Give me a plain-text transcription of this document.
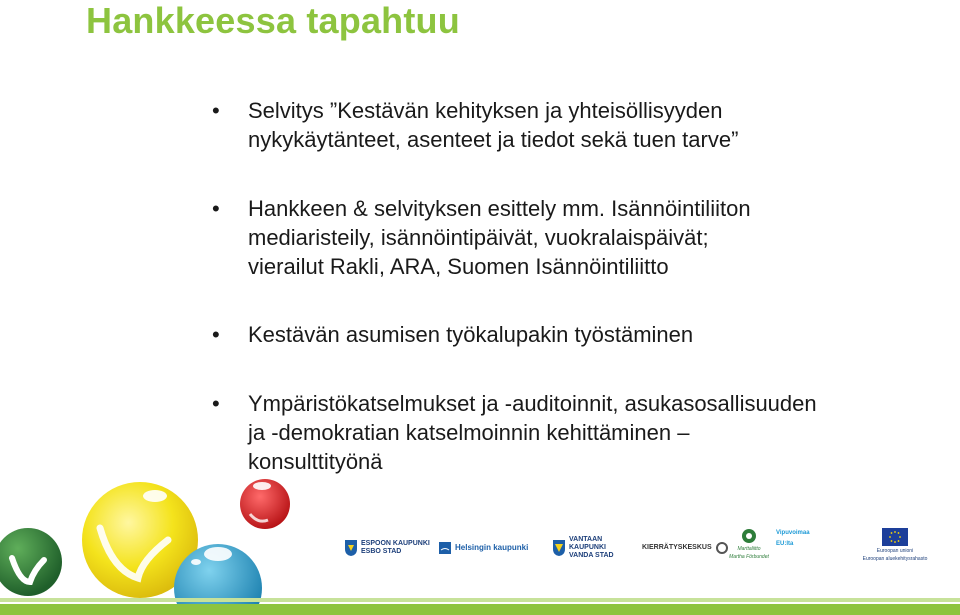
Hankkeessa tapahtuu
• Selvitys ”Kestävän kehityksen ja yhteisöllisyyden
nykykäytänteet, asenteet ja tiedot sekä tuen tarve”
• Hankkeen & selvityksen esittely mm. Isännöintiliiton
mediaristeily, isännöintipäivät, vuokralaispäivät;
vierailut Rakli, ARA, Suomen Isännöintiliitto
• Kestävän asumisen työkalupakin työstäminen
• Ympäristökatselmukset ja -auditoinnit, asukasosallisuuden
ja -demokratian katselmoinnin kehittäminen –
konsulttityönä
ESPOON KAUPUNKI
ESBO STAD	Helsingin kaupunki
VANTAAN KAUPUNKI
VANDA STAD
KIERRÄTYSKESKUS	Marttaliitto
Martha Förbundet
Vipuvoimaa
EU:lta
Euroopan unioni
Euroopan aluekehitysrahasto
